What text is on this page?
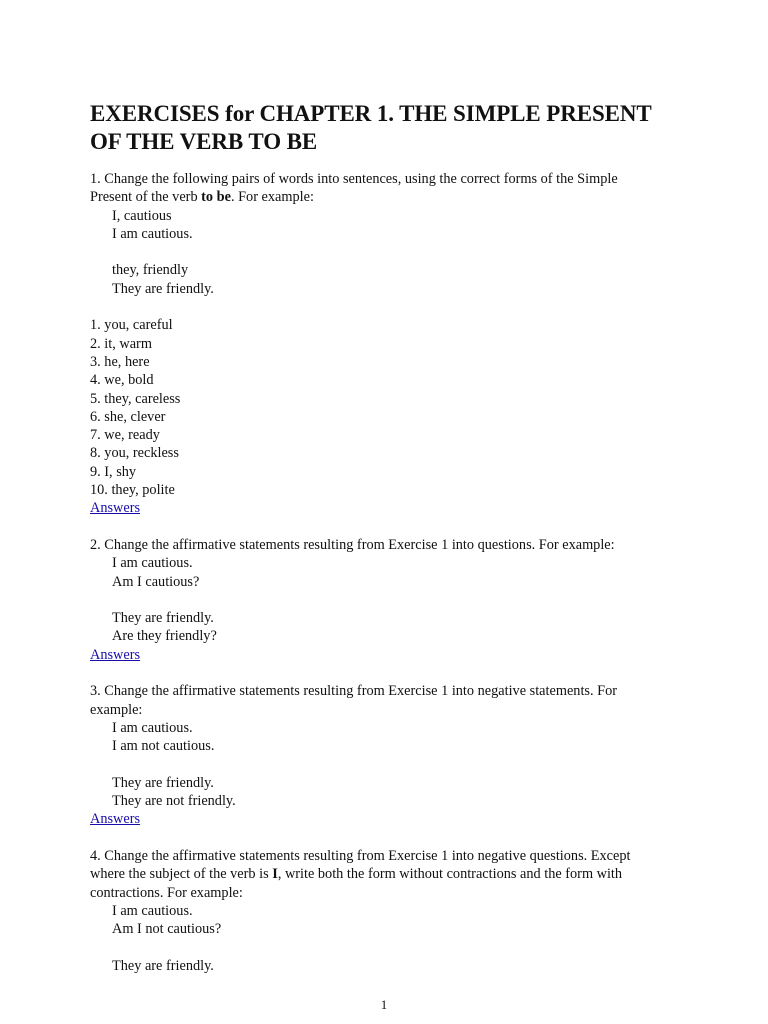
EXERCISES for CHAPTER 1. THE SIMPLE PRESENT
OF THE VERB TO BE
1. Change the following pairs of words into sentences, using the correct forms of the Simple Present of the verb to be. For example:
I, cautious
I am cautious.
they, friendly
They are friendly.
1. you, careful
2. it, warm
3. he, here
4. we, bold
5. they, careless
6. she, clever
7. we, ready
8. you, reckless
9. I, shy
10. they, polite
Answers
2. Change the affirmative statements resulting from Exercise 1 into questions. For example:
I am cautious.
Am I cautious?
They are friendly.
Are they friendly?
Answers
3. Change the affirmative statements resulting from Exercise 1 into negative statements. For example:
I am cautious.
I am not cautious.
They are friendly.
They are not friendly.
Answers
4. Change the affirmative statements resulting from Exercise 1 into negative questions. Except where the subject of the verb is I, write both the form without contractions and the form with contractions. For example:
I am cautious.
Am I not cautious?
They are friendly.
1
